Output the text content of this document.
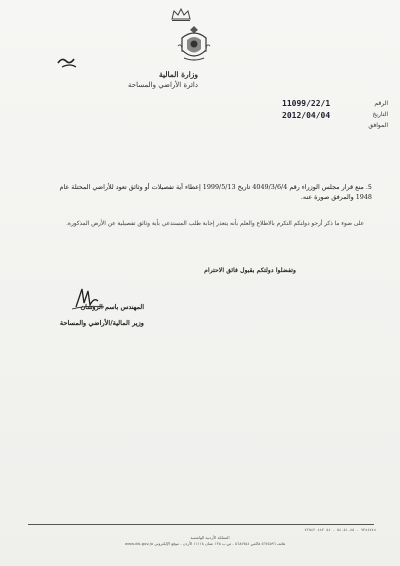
وزارة المالية
دائرة الأراضي والمساحة
الرقم
التاريخ
الموافق
11099/22/1
2012/04/04
5. منع قرار مجلس الوزراء رقم 4049/3/6/4 تاريخ 1999/5/13 إعطاء أية تفصيلات أو وثائق تعود للأراضي المحتلة عام 1948 والمرفق صورة عنه.
على ضوء ما ذكر أرجو دولتكم التكرم بالاطلاع والعلم بأنه يتعذر إجابة طلب المستدعي بأية وثائق تفصيلية عن الأرض المذكورة.
وتفضلوا دولتكم بقبول فائق الاحترام
المهندس باسم الروسان
وزير المالية/الأراضي والمساحة
٩٣٨٤٧٤٨ - ٨٥-٥١-٥٤ - ٥٤ ٤٨٣ ٧٢٥٤٢
المملكة الأردنية الهاشمية
هاتف ٥٦٢٥٥٩٦ فاكس ٥٦٨٤٧٥٤ - ص.ب ١٣٥ عمان ١١١١٨ الأردن - موقع الإلكتروني www.dls.gov.jo
